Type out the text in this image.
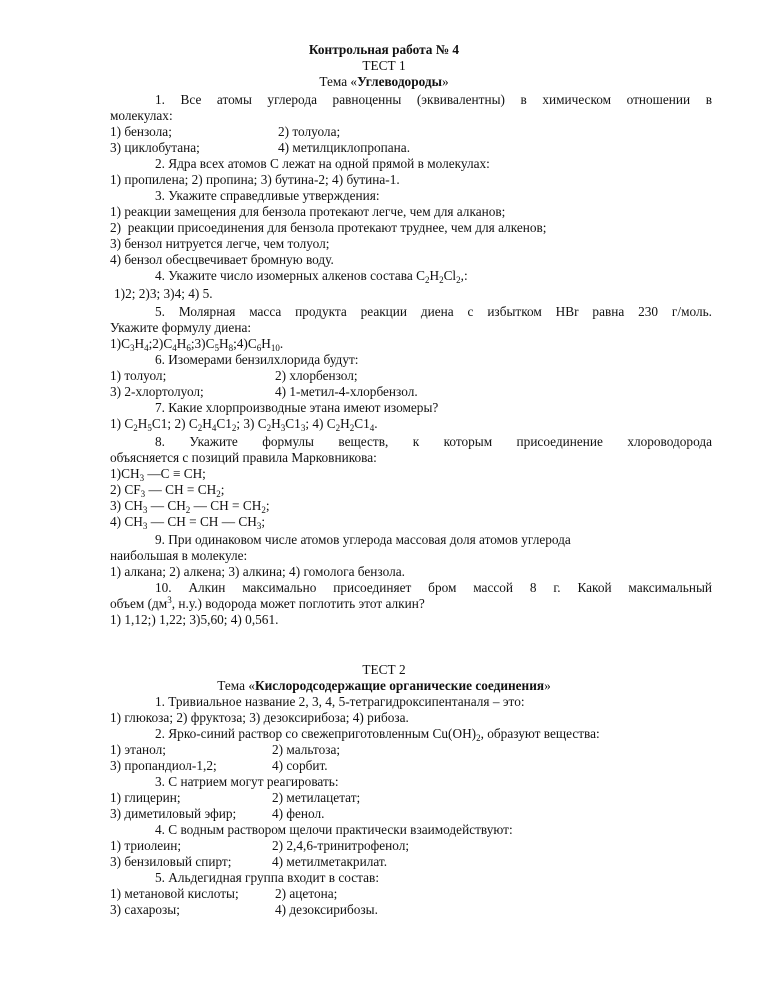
Контрольная работа № 4
ТЕСТ 1
Тема «Углеводороды»
1. Все атомы углерода равноценны (эквивалентны) в химическом отношении в
молекулах:
1) бензола;	2) толуола;
3) циклобутана;	4) метилциклопропана.
2. Ядра всех атомов С лежат на одной прямой в молекулах:
1) пропилена; 2) пропина; 3) бутина-2; 4) бутина-1.
3. Укажите справедливые утверждения:
1) реакции замещения для бензола протекают легче, чем для алканов;
2)  реакции присоединения для бензола протекают труднее, чем для алкенов;
3) бензол нитруется легче, чем толуол;
4) бензол обесцвечивает бромную воду.
4. Укажите число изомерных алкенов состава $C_2H_2Cl_2$,:
1)2; 2)3; 3)4; 4) 5.
5. Молярная масса продукта реакции диена с избытком HBr равна 230 г/моль.
Укажите формулу диена:
$1)C_3H_4;2)C_4H_6;3)C_5H_8;4)C_6H_{10}$.
6. Изомерами бензилхлорида будут:
1) толуол;	2) хлорбензол;
3) 2-хлортолуол;	4) 1-метил-4-хлорбензол.
7. Какие хлорпроизводные этана имеют изомеры?
1) $C_2H_5C1$; 2) $C_2H_4C1_2$; 3) $C_2H_3C1_3$; 4) $C_2H_2C1_4$.
8. Укажите формулы веществ, к которым присоединение хлороводорода
объясняется с позиций правила Марковникова:
$1)CH_3$ —C ≡ CH;
2) $CF_3$ — CH = $CH_2$;
3) $CH_3$ — $CH_2$ — CH = $CH_2$;
4) $CH_3$ — CH = CH — $CH_3$;
9. При одинаковом числе атомов углерода массовая доля атомов углерода
наибольшая в молекуле:
1) алкана; 2) алкена; 3) алкина; 4) гомолога бензола.
10. Алкин максимально присоединяет бром массой 8 г. Какой максимальный
объем ($дм^3$, н.у.) водорода может поглотить этот алкин?
1) 1,12;) 1,22; 3)5,60; 4) 0,561.
ТЕСТ 2
Тема «Кислородсодержащие органические соединения»
1. Тривиальное название 2, 3, 4, 5-тетрагидроксипентаналя – это:
1) глюкоза; 2) фруктоза; 3) дезоксирибоза; 4) рибоза.
2. Ярко-синий раствор со свежеприготовленным $Cu(OH)_2$, образуют вещества:
1) этанол;	2) мальтоза;
3) пропандиол-1,2;	4) сорбит.
3. С натрием могут реагировать:
1) глицерин;	2) метилацетат;
3) диметиловый эфир;	4) фенол.
4. С водным раствором щелочи практически взаимодействуют:
1) триолеин;	2) 2,4,6-тринитрофенол;
3) бензиловый спирт;	4) метилметакрилат.
5. Альдегидная группа входит в состав:
1) метановой кислоты;	2) ацетона;
3) сахарозы;	4) дезоксирибозы.
